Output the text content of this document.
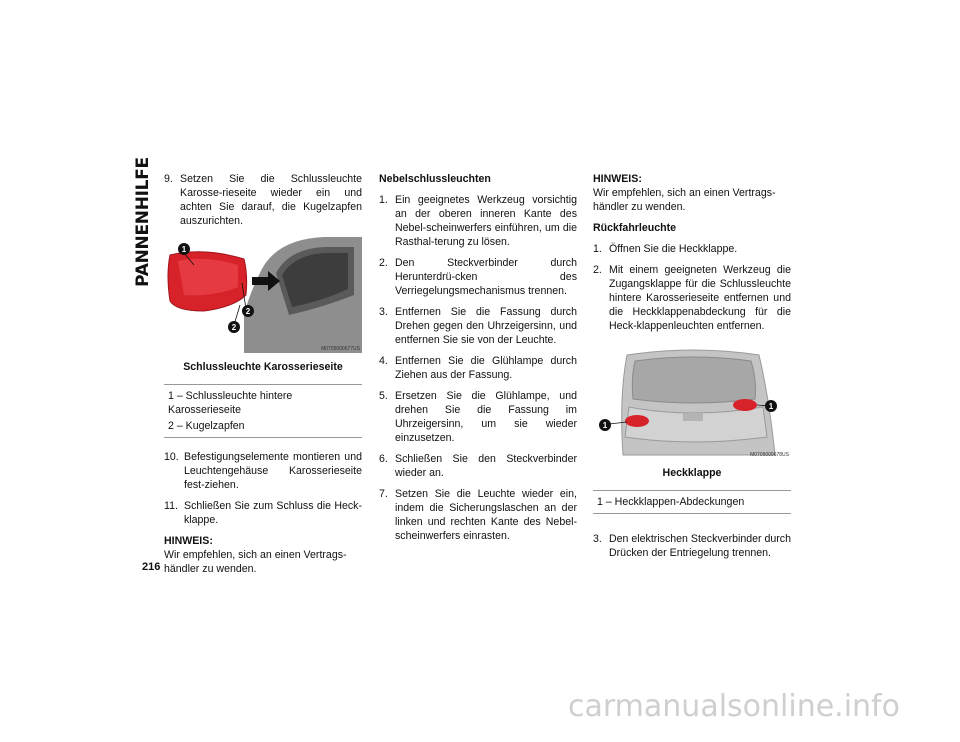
PANNENHILFE 9. Setzen Sie die Schlussleuchte Karosse-rieseite wieder ein und achten Sie darauf, die Kugelzapfen auszurichten.
1
2
2
M0705000677US
Schlussleuchte Karosserieseite
1 – Schlussleuchte hintere Karosserieseite
2 – Kugelzapfen
10. Befestigungselemente montieren und Leuchtengehäuse Karosserieseite fest-ziehen.
11. Schließen Sie zum Schluss die Heck-klappe.
HINWEIS:
Wir empfehlen, sich an einen Vertrags-händler zu wenden.
Nebelschlussleuchten
1. Ein geeignetes Werkzeug vorsichtig an der oberen inneren Kante des Nebel-scheinwerfers einführen, um die Rasthal-terung zu lösen.
2. Den Steckverbinder durch Herunterdrü-cken des Verriegelungsmechanismus trennen.
3. Entfernen Sie die Fassung durch Drehen gegen den Uhrzeigersinn, und entfernen Sie sie von der Leuchte.
4. Entfernen Sie die Glühlampe durch Ziehen aus der Fassung.
5. Ersetzen Sie die Glühlampe, und drehen Sie die Fassung im Uhrzeigersinn, um sie wieder einzusetzen.
6. Schließen Sie den Steckverbinder wieder an.
7. Setzen Sie die Leuchte wieder ein, indem die Sicherungslaschen an der linken und rechten Kante des Nebel-scheinwerfers einrasten.
HINWEIS:
Wir empfehlen, sich an einen Vertrags-händler zu wenden.
Rückfahrleuchte
1. Öffnen Sie die Heckklappe.
2. Mit einem geeigneten Werkzeug die Zugangsklappe für die Schlussleuchte hintere Karosserieseite entfernen und die Heckklappenabdeckung für die Heck-klappenleuchten entfernen.
1
1
M0705000678US
Heckklappe
1 – Heckklappen-Abdeckungen
3. Den elektrischen Steckverbinder durch Drücken der Entriegelung trennen.
216
carmanualsonline.info
